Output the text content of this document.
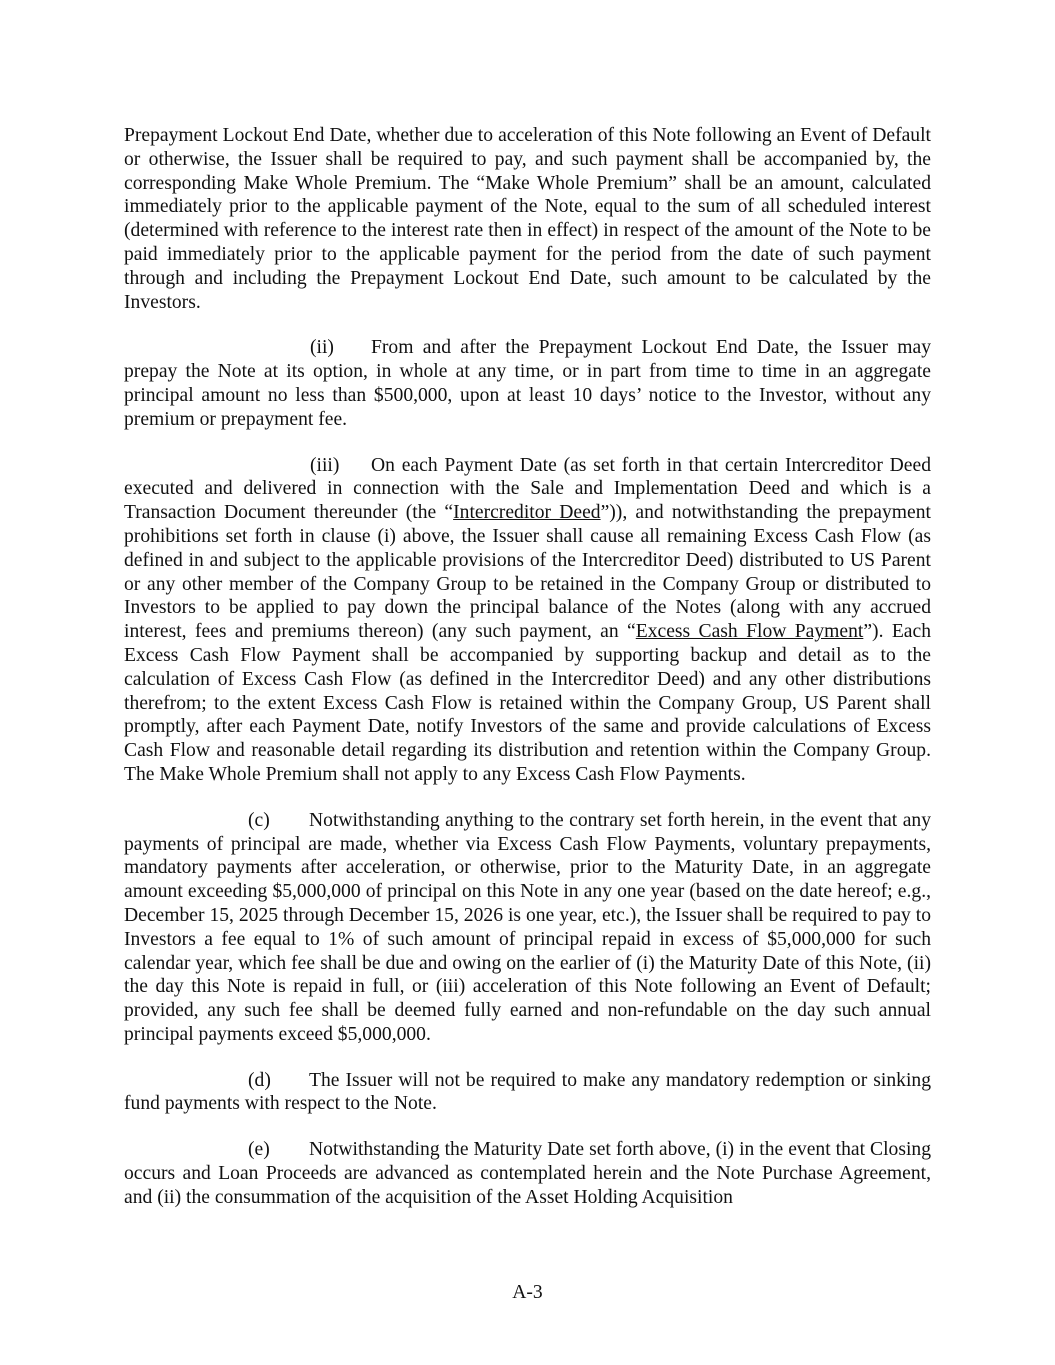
Prepayment Lockout End Date, whether due to acceleration of this Note following an Event of Default or otherwise, the Issuer shall be required to pay, and such payment shall be accompanied by, the corresponding Make Whole Premium. The “Make Whole Premium” shall be an amount, calculated immediately prior to the applicable payment of the Note, equal to the sum of all scheduled interest (determined with reference to the interest rate then in effect) in respect of the amount of the Note to be paid immediately prior to the applicable payment for the period from the date of such payment through and including the Prepayment Lockout End Date, such amount to be calculated by the Investors.

(ii) From and after the Prepayment Lockout End Date, the Issuer may prepay the Note at its option, in whole at any time, or in part from time to time in an aggregate principal amount no less than $500,000, upon at least 10 days’ notice to the Investor, without any premium or prepayment fee.

(iii) On each Payment Date (as set forth in that certain Intercreditor Deed executed and delivered in connection with the Sale and Implementation Deed and which is a Transaction Document thereunder (the “Intercreditor Deed”)), and notwithstanding the prepayment prohibitions set forth in clause (i) above, the Issuer shall cause all remaining Excess Cash Flow (as defined in and subject to the applicable provisions of the Intercreditor Deed) distributed to US Parent or any other member of the Company Group to be retained in the Company Group or distributed to Investors to be applied to pay down the principal balance of the Notes (along with any accrued interest, fees and premiums thereon) (any such payment, an “Excess Cash Flow Payment”). Each Excess Cash Flow Payment shall be accompanied by supporting backup and detail as to the calculation of Excess Cash Flow (as defined in the Intercreditor Deed) and any other distributions therefrom; to the extent Excess Cash Flow is retained within the Company Group, US Parent shall promptly, after each Payment Date, notify Investors of the same and provide calculations of Excess Cash Flow and reasonable detail regarding its distribution and retention within the Company Group. The Make Whole Premium shall not apply to any Excess Cash Flow Payments.

(c) Notwithstanding anything to the contrary set forth herein, in the event that any payments of principal are made, whether via Excess Cash Flow Payments, voluntary prepayments, mandatory payments after acceleration, or otherwise, prior to the Maturity Date, in an aggregate amount exceeding $5,000,000 of principal on this Note in any one year (based on the date hereof; e.g., December 15, 2025 through December 15, 2026 is one year, etc.), the Issuer shall be required to pay to Investors a fee equal to 1% of such amount of principal repaid in excess of $5,000,000 for such calendar year, which fee shall be due and owing on the earlier of (i) the Maturity Date of this Note, (ii) the day this Note is repaid in full, or (iii) acceleration of this Note following an Event of Default; provided, any such fee shall be deemed fully earned and non-refundable on the day such annual principal payments exceed $5,000,000.

(d) The Issuer will not be required to make any mandatory redemption or sinking fund payments with respect to the Note.

(e) Notwithstanding the Maturity Date set forth above, (i) in the event that Closing occurs and Loan Proceeds are advanced as contemplated herein and the Note Purchase Agreement, and (ii) the consummation of the acquisition of the Asset Holding Acquisition

A-3
